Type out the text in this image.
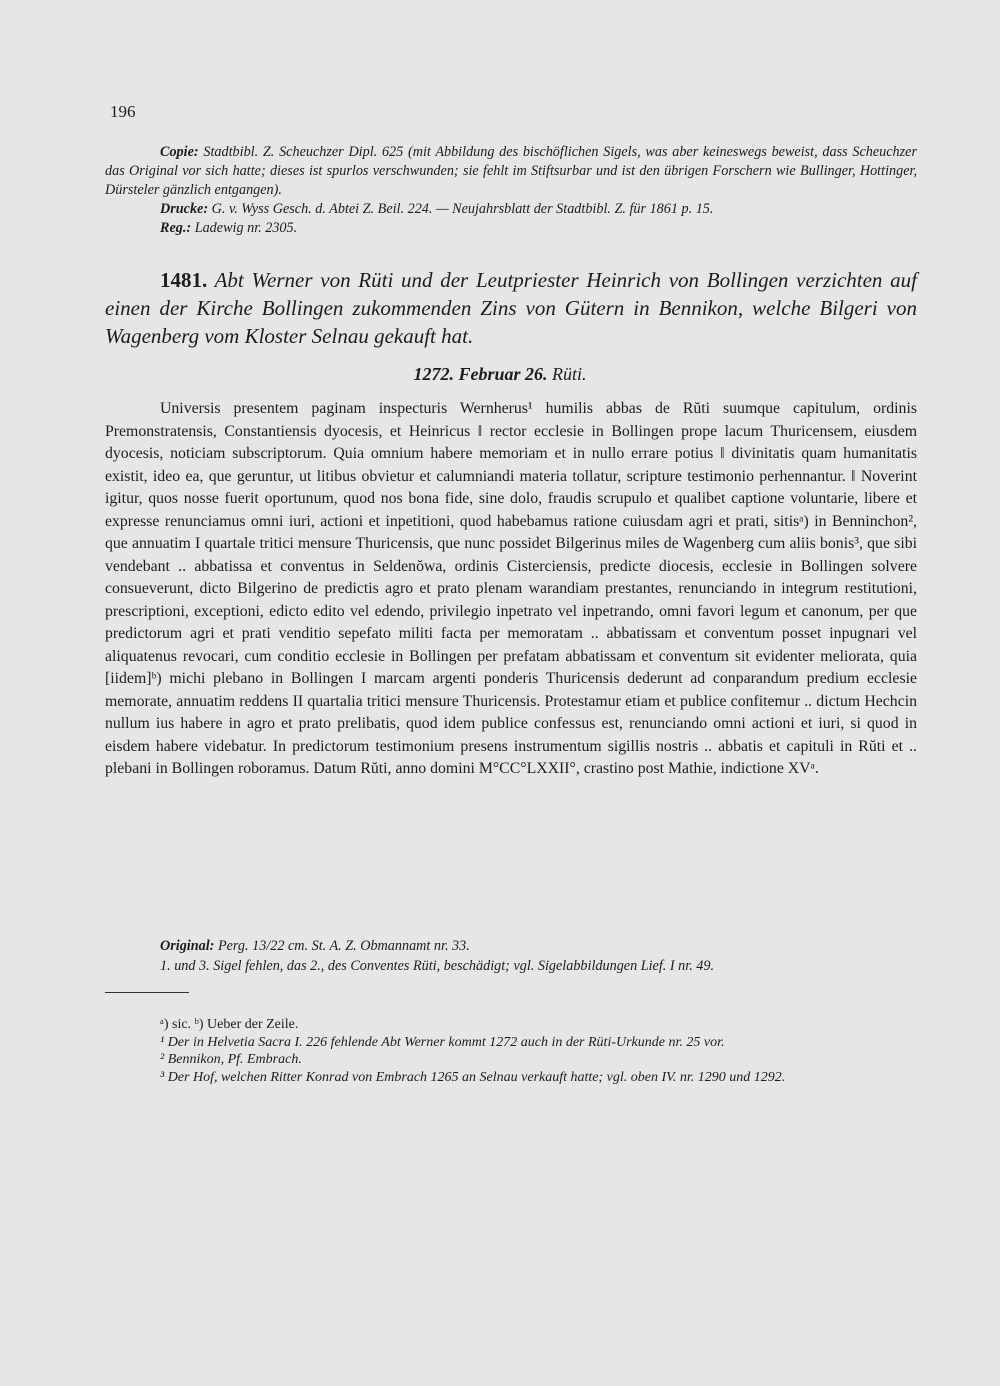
196

Copie: Stadtbibl. Z. Scheuchzer Dipl. 625 (mit Abbildung des bischöflichen Sigels, was aber keineswegs beweist, dass Scheuchzer das Original vor sich hatte; dieses ist spurlos verschwunden; sie fehlt im Stiftsurbar und ist den übrigen Forschern wie Bullinger, Hottinger, Dürsteler gänzlich entgangen).

Drucke: G. v. Wyss Gesch. d. Abtei Z. Beil. 224. — Neujahrsblatt der Stadtbibl. Z. für 1861 p. 15.

Reg.: Ladewig nr. 2305.

1481. Abt Werner von Rüti und der Leutpriester Heinrich von Bollingen verzichten auf einen der Kirche Bollingen zukommenden Zins von Gütern in Bennikon, welche Bilgeri von Wagenberg vom Kloster Selnau gekauft hat.
1272. Februar 26. Rüti.

Universis presentem paginam inspecturis Wernherus¹ humilis abbas de Rŭti suumque capitulum, ordinis Premonstratensis, Constantiensis dyocesis, et Heinricus ‖ rector ecclesie in Bollingen prope lacum Thuricensem, eiusdem dyocesis, noticiam subscriptorum. Quia omnium habere memoriam et in nullo errare potius ‖ divinitatis quam humanitatis existit, ideo ea, que geruntur, ut litibus obvietur et calumniandi materia tollatur, scripture testimonio perhennantur. ‖ Noverint igitur, quos nosse fuerit oportunum, quod nos bona fide, sine dolo, fraudis scrupulo et qualibet captione voluntarie, libere et expresse renunciamus omni iuri, actioni et inpetitioni, quod habebamus ratione cuiusdam agri et prati, sitisᵃ) in Benninchon², que annuatim I quartale tritici mensure Thuricensis, que nunc possidet Bilgerinus miles de Wagenberg cum aliis bonis³, que sibi vendebant .. abbatissa et conventus in Seldenŏwa, ordinis Cisterciensis, predicte diocesis, ecclesie in Bollingen solvere consueverunt, dicto Bilgerino de predictis agro et prato plenam warandiam prestantes, renunciando in integrum restitutioni, prescriptioni, exceptioni, edicto edito vel edendo, privilegio inpetrato vel inpetrando, omni favori legum et canonum, per que predictorum agri et prati venditio sepefato militi facta per memoratam .. abbatissam et conventum posset inpugnari vel aliquatenus revocari, cum conditio ecclesie in Bollingen per prefatam abbatissam et conventum sit evidenter meliorata, quia [iidem]ᵇ) michi plebano in Bollingen I marcam argenti ponderis Thuricensis dederunt ad conparandum predium ecclesie memorate, annuatim reddens II quartalia tritici mensure Thuricensis. Protestamur etiam et publice confitemur .. dictum Hechcin nullum ius habere in agro et prato prelibatis, quod idem publice confessus est, renunciando omni actioni et iuri, si quod in eisdem habere videbatur. In predictorum testimonium presens instrumentum sigillis nostris .. abbatis et capituli in Rŭti et .. plebani in Bollingen roboramus. Datum Rŭti, anno domini M°CC°LXXII°, crastino post Mathie, indictione XVᵃ.

Original: Perg. 13/22 cm. St. A. Z. Obmannamt nr. 33.

1. und 3. Sigel fehlen, das 2., des Conventes Rüti, beschädigt; vgl. Sigelabbildungen Lief. I nr. 49.

ᵃ) sic. ᵇ) Ueber der Zeile.

¹ Der in Helvetia Sacra I. 226 fehlende Abt Werner kommt 1272 auch in der Rüti-Urkunde nr. 25 vor.

² Bennikon, Pf. Embrach.

³ Der Hof, welchen Ritter Konrad von Embrach 1265 an Selnau verkauft hatte; vgl. oben IV. nr. 1290 und 1292.
